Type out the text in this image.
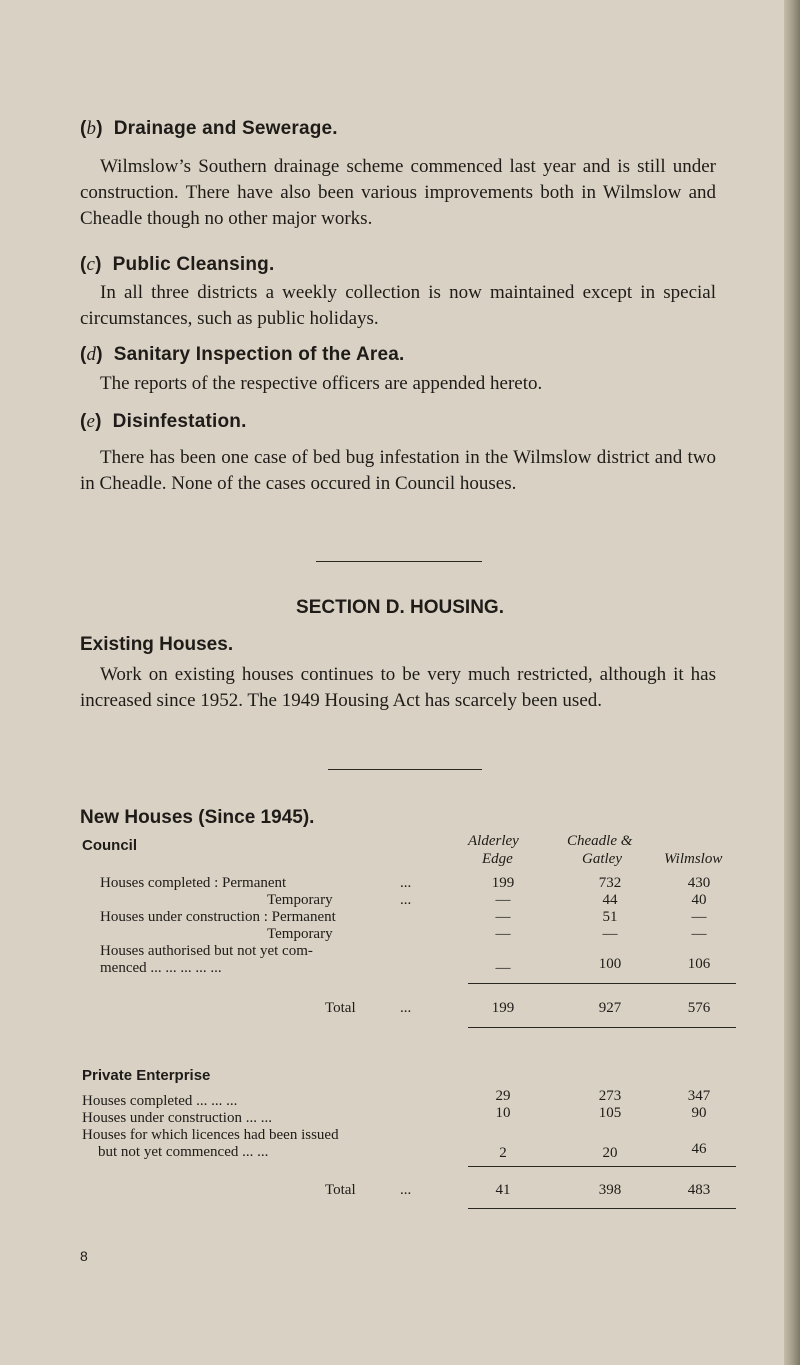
(b)  Drainage and Sewerage.

Wilmslow’s Southern drainage scheme commenced last year and is still under construction. There have also been various improvements both in Wilmslow and Cheadle though no other major works.

(c)  Public Cleansing.

In all three districts a weekly collection is now maintained except in special circumstances, such as public holidays.

(d)  Sanitary Inspection of the Area.

The reports of the respective officers are appended hereto.

(e)  Disinfestation.

There has been one case of bed bug infestation in the Wilmslow district and two in Cheadle. None of the cases occured in Council houses.

SECTION D. HOUSING.
Existing Houses.

Work on existing houses continues to be very much restricted, although it has increased since 1952. The 1949 Housing Act has scarcely been used.

New Houses (Since 1945).
Council	Alderley
Edge
Cheadle &
Gatley	Wilmslow
Houses completed : Permanent	...	199	732	430
Temporary	...	—	44	40
Houses under construction : Permanent	—	51	—
Temporary	—	—	—
Houses authorised but not yet com-
menced ... ... ... ... ...	—	100	106
Total	...	199	927	576
Private Enterprise
Houses completed ... ... ...	29	273	347
Houses under construction ... ...	10	105	90
Houses for which licences had been issued
but not yet commenced ... ...	2	20	46
Total	...	41	398	483
8
